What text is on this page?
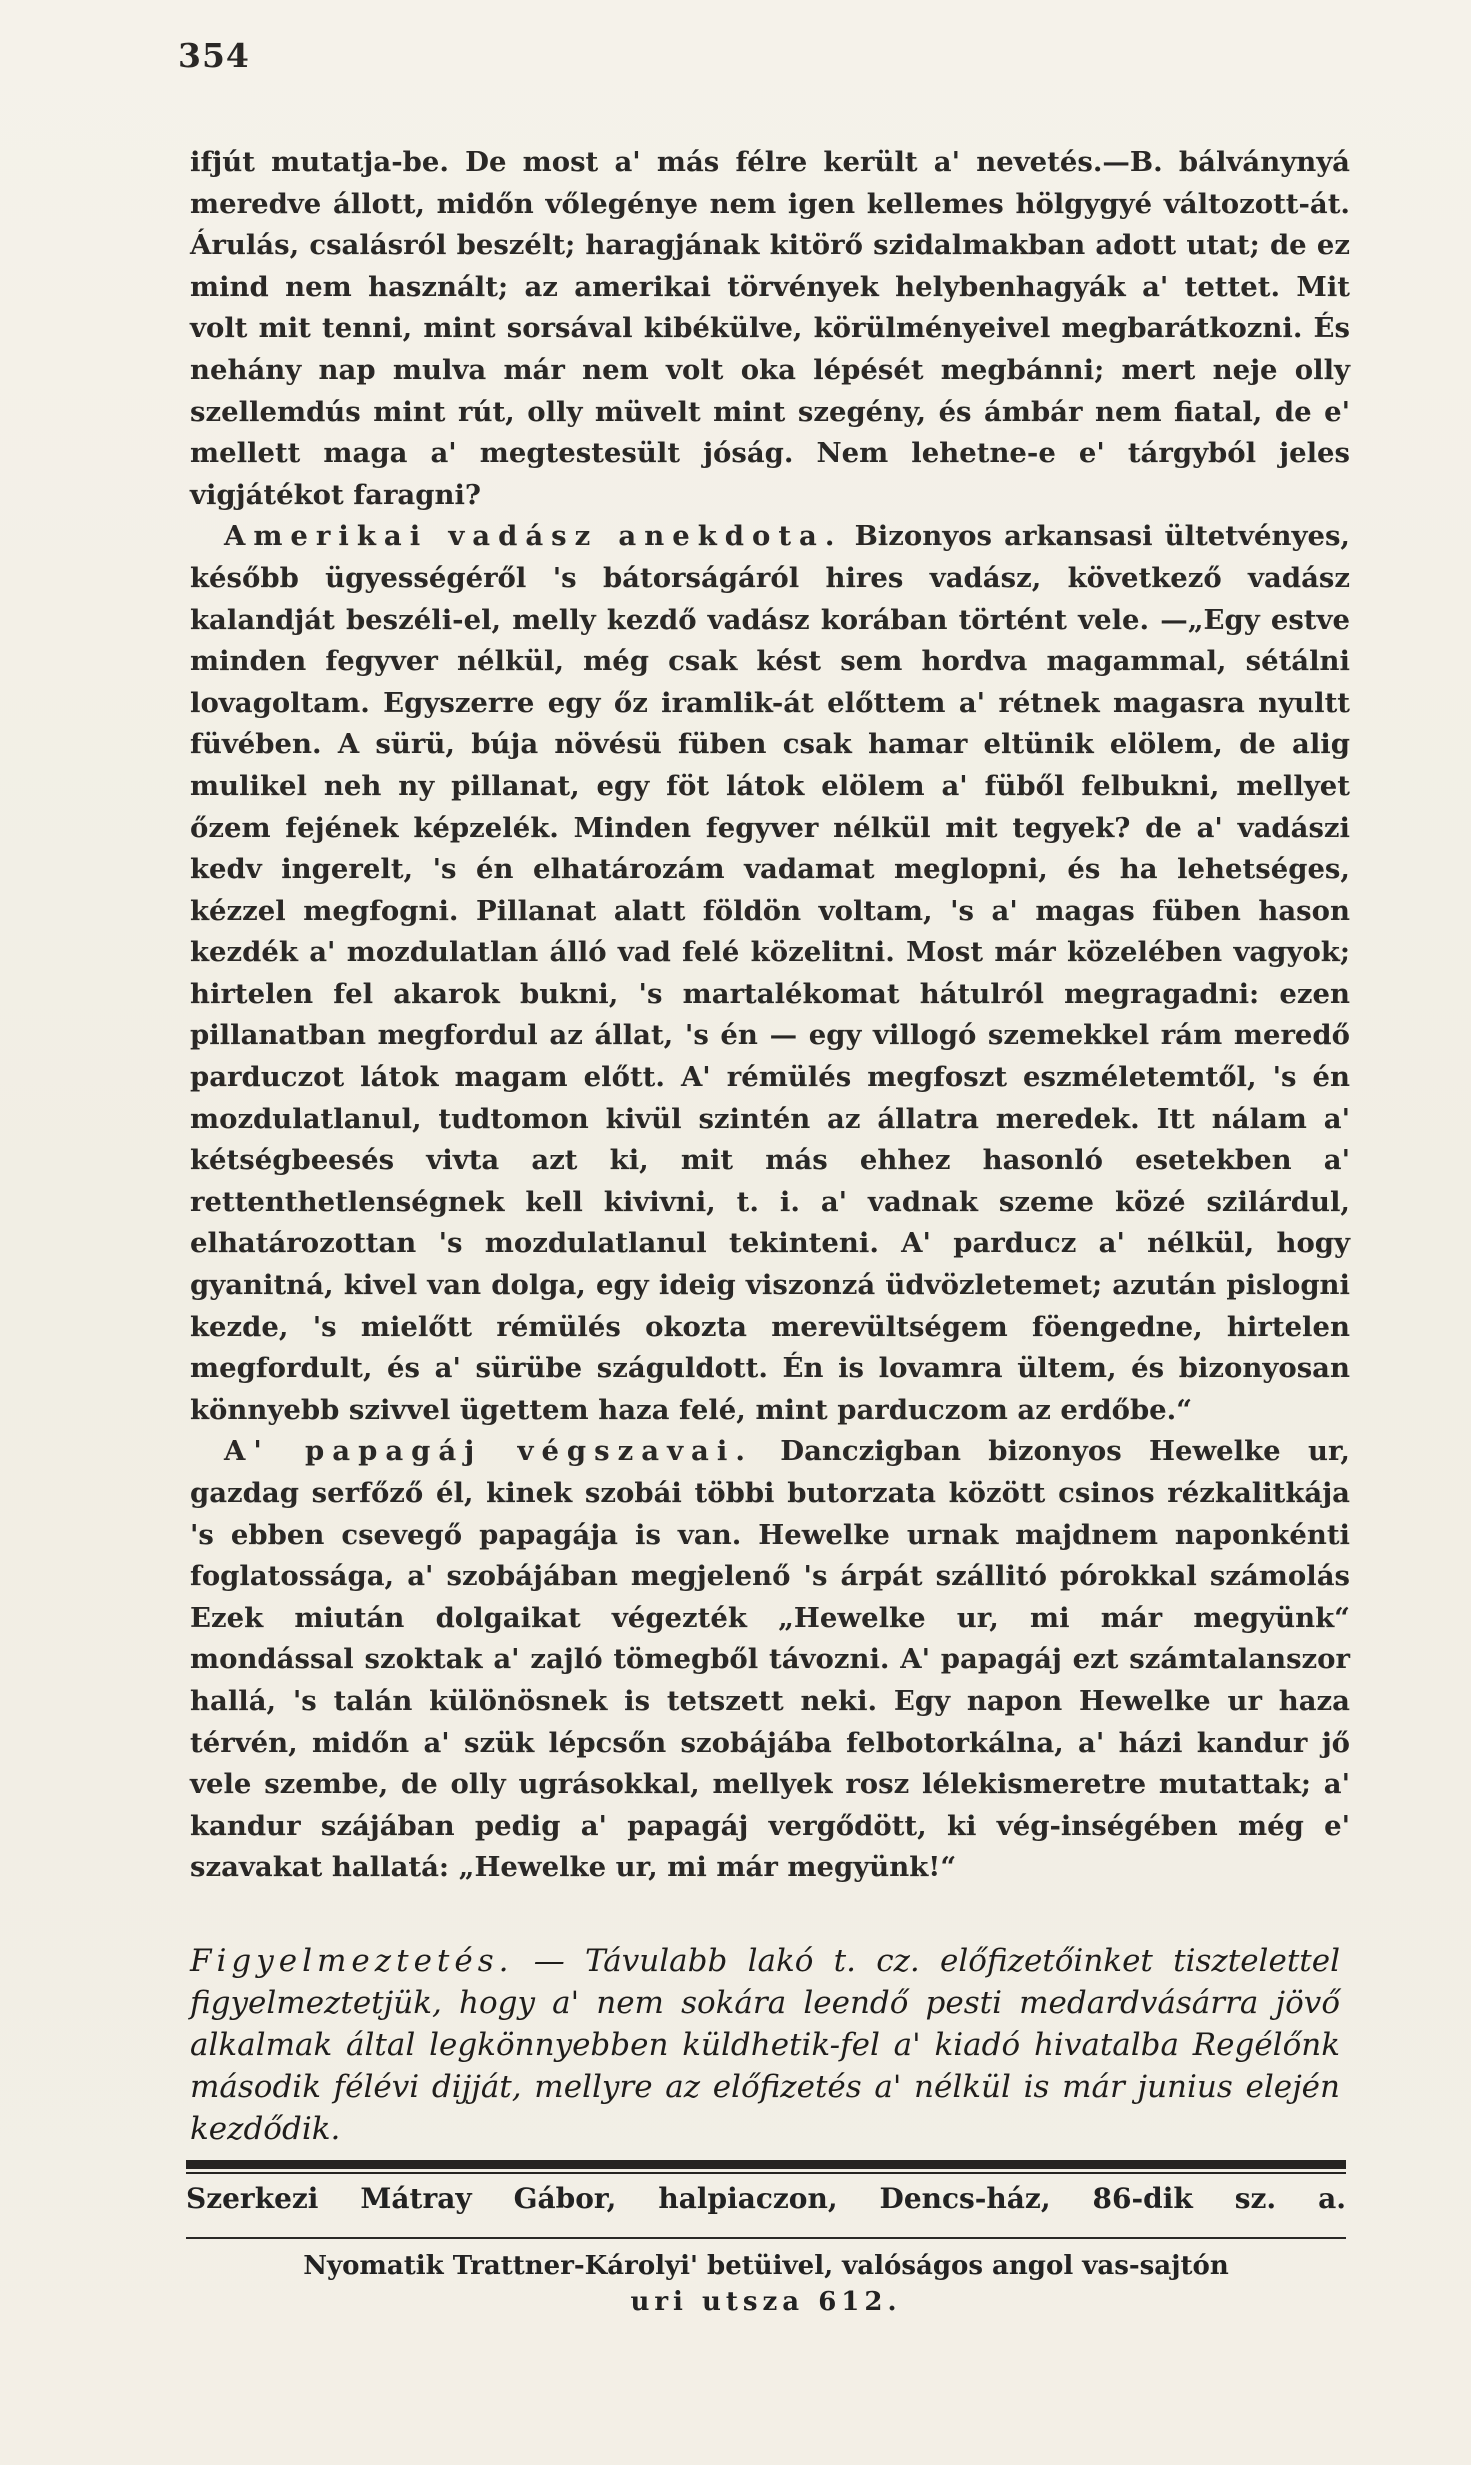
354

ifjút mutatja-be. De most a' más félre került a' nevetés.—B. bálványnyá meredve állott, midőn vőlegénye nem igen kellemes hölgygyé változott-át. Árulás, csalásról beszélt; haragjának kitörő szidalmakban adott utat; de ez mind nem használt; az amerikai törvények helybenhagyák a' tettet. Mit volt mit tenni, mint sorsával kibékülve, körülményeivel megbarátkozni. És nehány nap mulva már nem volt oka lépését megbánni; mert neje olly szellemdús mint rút, olly müvelt mint szegény, és ámbár nem fiatal, de e' mellett maga a' megtestesült jóság. Nem lehetne-e e' tárgyból jeles vigjátékot faragni?

Amerikai vadász anekdota. Bizonyos arkansasi ültetvényes, később ügyességéről 's bátorságáról hires vadász, következő vadász kalandját beszéli-el, melly kezdő vadász korában történt vele. —„Egy estve minden fegyver nélkül, még csak kést sem hordva magammal, sétálni lovagoltam. Egyszerre egy őz iramlik-át előttem a' rétnek magasra nyultt füvében. A sürü, búja növésü füben csak hamar eltünik elölem, de alig mulikel neh ny pillanat, egy föt látok elölem a' füből felbukni, mellyet őzem fejének képzelék. Minden fegyver nélkül mit tegyek? de a' vadászi kedv ingerelt, 's én elhatározám vadamat meglopni, és ha lehetséges, kézzel megfogni. Pillanat alatt földön voltam, 's a' magas füben hason kezdék a' mozdulatlan álló vad felé közelitni. Most már közelében vagyok; hirtelen fel akarok bukni, 's martalékomat hátulról megragadni: ezen pillanatban megfordul az állat, 's én — egy villogó szemekkel rám meredő parduczot látok magam előtt. A' rémülés megfoszt eszméletemtől, 's én mozdulatlanul, tudtomon kivül szintén az állatra meredek. Itt nálam a' kétségbeesés vivta azt ki, mit más ehhez hasonló esetekben a' rettenthetlenségnek kell kivivni, t. i. a' vadnak szeme közé szilárdul, elhatározottan 's mozdulatlanul tekinteni. A' parducz a' nélkül, hogy gyanitná, kivel van dolga, egy ideig viszonzá üdvözletemet; azután pislogni kezde, 's mielőtt rémülés okozta merevültségem föengedne, hirtelen megfordult, és a' sürübe száguldott. Én is lovamra ültem, és bizonyosan könnyebb szivvel ügettem haza felé, mint parduczom az erdőbe.“

A' papagáj végszavai. Danczigban bizonyos Hewelke ur, gazdag serfőző él, kinek szobái többi butorzata között csinos rézkalitkája 's ebben csevegő papagája is van. Hewelke urnak majdnem naponkénti foglatossága, a' szobájában megjelenő 's árpát szállitó pórokkal számolás Ezek miután dolgaikat végezték „Hewelke ur, mi már megyünk“ mondással szoktak a' zajló tömegből távozni. A' papagáj ezt számtalanszor hallá, 's talán különösnek is tetszett neki. Egy napon Hewelke ur haza térvén, midőn a' szük lépcsőn szobájába felbotorkálna, a' házi kandur jő vele szembe, de olly ugrásokkal, mellyek rosz lélekismeretre mutattak; a' kandur szájában pedig a' papagáj vergődött, ki vég-inségében még e' szavakat hallatá: „Hewelke ur, mi már megyünk!“

Figyelmeztetés. — Távulabb lakó t. cz. előfizetőinket tisztelettel figyelmeztetjük, hogy a' nem sokára leendő pesti medardvásárra jövő alkalmak által legkönnyebben küldhetik-fel a' kiadó hivatalba Regélőnk második félévi dijját, mellyre az előfizetés a' nélkül is már junius elején kezdődik.
Szerkezi Mátray Gábor, halpiaczon, Dencs-ház, 86-dik sz. a.
Nyomatik Trattner-Károlyi' betüivel, valóságos angol vas-sajtón
uri utsza 612.
